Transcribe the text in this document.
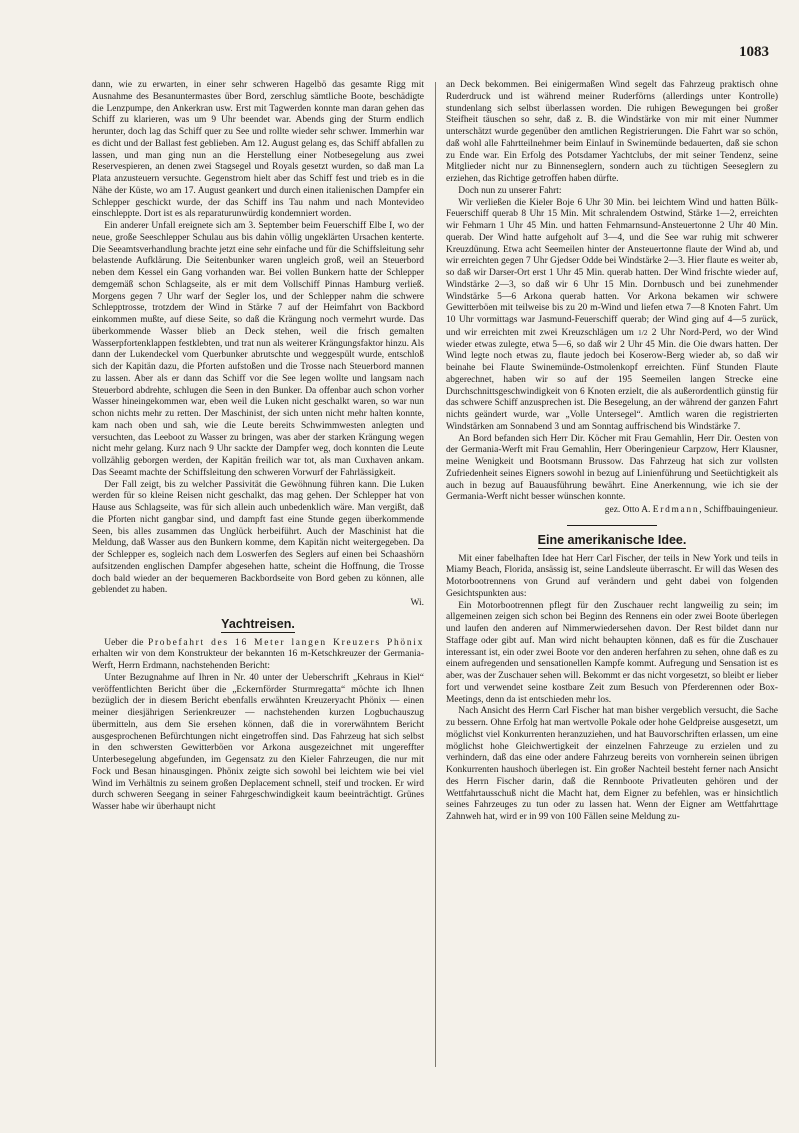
1083

dann, wie zu erwarten, in einer sehr schweren Hagelbö das gesamte Rigg mit Ausnahme des Besanuntermastes über Bord, zerschlug sämtliche Boote, beschädigte die Lenzpumpe, den Ankerkran usw. Erst mit Tagwerden konnte man daran gehen das Schiff zu klarieren, was um 9 Uhr beendet war. Abends ging der Sturm endlich herunter, doch lag das Schiff quer zu See und rollte wieder sehr schwer. Immerhin war es dicht und der Ballast fest geblieben. Am 12. August gelang es, das Schiff abfallen zu lassen, und man ging nun an die Herstellung einer Notbesegelung aus zwei Reservespieren, an denen zwei Stagsegel und Royals gesetzt wurden, so daß man La Plata anzusteuern versuchte. Gegenstrom hielt aber das Schiff fest und trieb es in die Nähe der Küste, wo am 17. August geankert und durch einen italienischen Dampfer ein Schlepper geschickt wurde, der das Schiff ins Tau nahm und nach Montevideo einschleppte. Dort ist es als reparaturunwürdig kondemniert worden.

Ein anderer Unfall ereignete sich am 3. September beim Feuerschiff Elbe I, wo der neue, große Seeschlepper Schulau aus bis dahin völlig ungeklärten Ursachen kenterte. Die Seeamtsverhandlung brachte jetzt eine sehr einfache und für die Schiffsleitung sehr belastende Aufklärung. Die Seitenbunker waren ungleich groß, weil an Steuerbord neben dem Kessel ein Gang vorhanden war. Bei vollen Bunkern hatte der Schlepper demgemäß schon Schlagseite, als er mit dem Vollschiff Pinnas Hamburg verließ. Morgens gegen 7 Uhr warf der Segler los, und der Schlepper nahm die schwere Schlepptrosse, trotzdem der Wind in Stärke 7 auf der Heimfahrt von Backbord einkommen mußte, auf diese Seite, so daß die Krängung noch vermehrt wurde. Das überkommende Wasser blieb an Deck stehen, weil die frisch gemalten Wasserpfortenklappen festklebten, und trat nun als weiterer Krängungsfaktor hinzu. Als dann der Lukendeckel vom Querbunker abrutschte und weggespült wurde, entschloß sich der Kapitän dazu, die Pforten aufstoßen und die Trosse nach Steuerbord mannen zu lassen. Aber als er dann das Schiff vor die See legen wollte und langsam nach Steuerbord abdrehte, schlugen die Seen in den Bunker. Da offenbar auch schon vorher Wasser hineingekommen war, eben weil die Luken nicht geschalkt waren, so war nun schon nichts mehr zu retten. Der Maschinist, der sich unten nicht mehr halten konnte, kam nach oben und sah, wie die Leute bereits Schwimmwesten anlegten und versuchten, das Leeboot zu Wasser zu bringen, was aber der starken Krängung wegen nicht mehr gelang. Kurz nach 9 Uhr sackte der Dampfer weg, doch konnten die Leute vollzählig geborgen werden, der Kapitän freilich war tot, als man Cuxhaven ankam. Das Seeamt machte der Schiffsleitung den schweren Vorwurf der Fahrlässigkeit.

Der Fall zeigt, bis zu welcher Passivität die Gewöhnung führen kann. Die Luken werden für so kleine Reisen nicht geschalkt, das mag gehen. Der Schlepper hat von Hause aus Schlagseite, was für sich allein auch unbedenklich wäre. Man vergißt, daß die Pforten nicht gangbar sind, und dampft fast eine Stunde gegen überkommende Seen, bis alles zusammen das Unglück herbeiführt. Auch der Maschinist hat die Meldung, daß Wasser aus den Bunkern komme, dem Kapitän nicht weitergegeben. Da der Schlepper es, sogleich nach dem Loswerfen des Seglers auf einen bei Schaashörn aufsitzenden englischen Dampfer abgesehen hatte, scheint die Hoffnung, die Trosse doch bald wieder an der bequemeren Backbordseite von Bord geben zu können, alle geblendet zu haben.

Wi.
Yachtreisen.

Ueber die Probefahrt des 16 Meter langen Kreuzers Phönix erhalten wir von dem Konstrukteur der bekannten 16 m-Ketschkreuzer der Germania-Werft, Herrn Erdmann, nachstehenden Bericht:

Unter Bezugnahme auf Ihren in Nr. 40 unter der Ueberschrift „Kehraus in Kiel“ veröffentlichten Bericht über die „Eckernförder Sturmregatta“ möchte ich Ihnen bezüglich der in diesem Bericht ebenfalls erwähnten Kreuzeryacht Phönix — einen meiner diesjährigen Serienkreuzer — nachstehenden kurzen Logbuchauszug übermitteln, aus dem Sie ersehen können, daß die in vorerwähntem Bericht ausgesprochenen Befürchtungen nicht eingetroffen sind. Das Fahrzeug hat sich selbst in den schwersten Gewitterböen vor Arkona ausgezeichnet mit ungereffter Unterbesegelung abgefunden, im Gegensatz zu den Kieler Fahrzeugen, die nur mit Fock und Besan hinausgingen. Phönix zeigte sich sowohl bei leichtem wie bei viel Wind im Verhältnis zu seinem großen Deplacement schnell, steif und trocken. Er wird durch schweren Seegang in seiner Fahrgeschwindigkeit kaum beeinträchtigt. Grünes Wasser habe wir überhaupt nicht

an Deck bekommen. Bei einigermaßen Wind segelt das Fahrzeug praktisch ohne Ruderdruck und ist während meiner Ruderförns (allerdings unter Kontrolle) stundenlang sich selbst überlassen worden. Die ruhigen Bewegungen bei großer Steifheit täuschen so sehr, daß z. B. die Windstärke von mir mit einer Nummer unterschätzt wurde gegenüber den amtlichen Registrierungen. Die Fahrt war so schön, daß wohl alle Fahrtteilnehmer beim Einlauf in Swinemünde bedauerten, daß sie schon zu Ende war. Ein Erfolg des Potsdamer Yachtclubs, der mit seiner Tendenz, seine Mitglieder nicht nur zu Binnenseglern, sondern auch zu tüchtigen Seeseglern zu erziehen, das Richtige getroffen haben dürfte.

Doch nun zu unserer Fahrt:

Wir verließen die Kieler Boje 6 Uhr 30 Min. bei leichtem Wind und hatten Bülk-Feuerschiff querab 8 Uhr 15 Min. Mit schralendem Ostwind, Stärke 1—2, erreichten wir Fehmarn 1 Uhr 45 Min. und hatten Fehmarnsund-Ansteuertonne 2 Uhr 40 Min. querab. Der Wind hatte aufgeholt auf 3—4, und die See war ruhig mit schwerer Kreuzdünung. Etwa acht Seemeilen hinter der Ansteuertonne flaute der Wind ab, und wir erreichten gegen 7 Uhr Gjedser Odde bei Windstärke 2—3. Hier flaute es weiter ab, so daß wir Darser-Ort erst 1 Uhr 45 Min. querab hatten. Der Wind frischte wieder auf, Windstärke 2—3, so daß wir 6 Uhr 15 Min. Dornbusch und bei zunehmender Windstärke 5—6 Arkona querab hatten. Vor Arkona bekamen wir schwere Gewitterböen mit teilweise bis zu 20 m-Wind und liefen etwa 7—8 Knoten Fahrt. Um 10 Uhr vormittags war Jasmund-Feuerschiff querab; der Wind ging auf 4—5 zurück, und wir erreichten mit zwei Kreuzschlägen um 1/2 2 Uhr Nord-Perd, wo der Wind wieder etwas zulegte, etwa 5—6, so daß wir 2 Uhr 45 Min. die Oie dwars hatten. Der Wind legte noch etwas zu, flaute jedoch bei Koserow-Berg wieder ab, so daß wir beinahe bei Flaute Swinemünde-Ostmolenkopf erreichten. Fünf Stunden Flaute abgerechnet, haben wir so auf der 195 Seemeilen langen Strecke eine Durchschnittsgeschwindigkeit von 6 Knoten erzielt, die als außerordentlich günstig für das schwere Schiff anzusprechen ist. Die Besegelung, an der während der ganzen Fahrt nichts geändert wurde, war „Volle Untersegel“. Amtlich waren die registrierten Windstärken am Sonnabend 3 und am Sonntag auffrischend bis Windstärke 7.

An Bord befanden sich Herr Dir. Köcher mit Frau Gemahlin, Herr Dir. Oesten von der Germania-Werft mit Frau Gemahlin, Herr Oberingenieur Carpzow, Herr Klausner, meine Wenigkeit und Bootsmann Brussow. Das Fahrzeug hat sich zur vollsten Zufriedenheit seines Eigners sowohl in bezug auf Linienführung und Seetüchtigkeit als auch in bezug auf Bauausführung bewährt. Eine Anerkennung, wie ich sie der Germania-Werft nicht besser wünschen konnte.

gez. Otto A. Erdmann, Schiffbauingenieur.
Eine amerikanische Idee.

Mit einer fabelhaften Idee hat Herr Carl Fischer, der teils in New York und teils in Miamy Beach, Florida, ansässig ist, seine Landsleute überrascht. Er will das Wesen des Motorbootrennens von Grund auf verändern und geht dabei von folgenden Gesichtspunkten aus:

Ein Motorbootrennen pflegt für den Zuschauer recht langweilig zu sein; im allgemeinen zeigen sich schon bei Beginn des Rennens ein oder zwei Boote überlegen und laufen den anderen auf Nimmerwiedersehen davon. Der Rest bildet dann nur Staffage oder gibt auf. Man wird nicht behaupten können, daß es für die Zuschauer interessant ist, ein oder zwei Boote vor den anderen herfahren zu sehen, ohne daß es zu einem aufregenden und sensationellen Kampfe kommt. Aufregung und Sensation ist es aber, was der Zuschauer sehen will. Bekommt er das nicht vorgesetzt, so bleibt er lieber fort und verwendet seine kostbare Zeit zum Besuch von Pferderennen oder Box-Meetings, denn da ist entschieden mehr los.

Nach Ansicht des Herrn Carl Fischer hat man bisher vergeblich versucht, die Sache zu bessern. Ohne Erfolg hat man wertvolle Pokale oder hohe Geldpreise ausgesetzt, um möglichst viel Konkurrenten heranzuziehen, und hat Bauvorschriften erlassen, um eine möglichst hohe Gleichwertigkeit der einzelnen Fahrzeuge zu erzielen und zu verhindern, daß das eine oder andere Fahrzeug bereits von vornherein seinen übrigen Konkurrenten haushoch überlegen ist. Ein großer Nachteil besteht ferner nach Ansicht des Herrn Fischer darin, daß die Rennboote Privatleuten gehören und der Wettfahrtausschuß nicht die Macht hat, dem Eigner zu befehlen, was er hinsichtlich seines Fahrzeuges zu tun oder zu lassen hat. Wenn der Eigner am Wettfahrttage Zahnweh hat, wird er in 99 von 100 Fällen seine Meldung zu-
